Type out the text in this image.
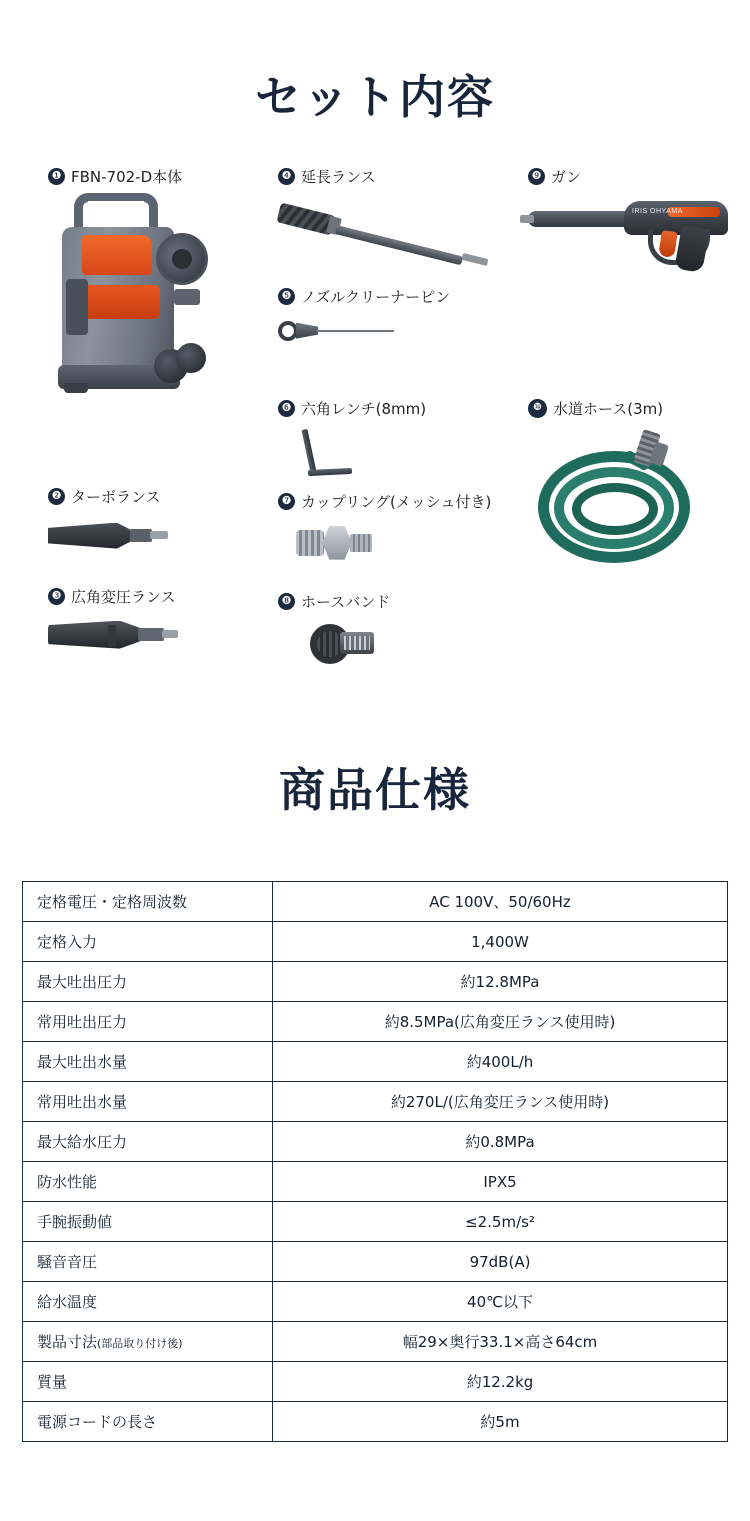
セット内容
❶ FBN-702-D本体
❷ ターボランス
❸ 広角変圧ランス
❹ 延長ランス
❺ ノズルクリーナーピン
❻ 六角レンチ(8mm)
❼ カップリング(メッシュ付き)
❽ ホースバンド
❾ ガン
IRIS OHYAMA
❿ 水道ホース(3m)
商品仕様
定格電圧・定格周波数	AC 100V、50/60Hz
定格入力	1,400W
最大吐出圧力	約12.8MPa
常用吐出圧力	約8.5MPa(広角変圧ランス使用時)
最大吐出水量	約400L/h
常用吐出水量	約270L/(広角変圧ランス使用時)
最大給水圧力	約0.8MPa
防水性能	IPX5
手腕振動値	≤2.5m/s²
騒音音圧	97dB(A)
給水温度	40℃以下
製品寸法(部品取り付け後)	幅29×奥行33.1×高さ64cm
質量	約12.2kg
電源コードの長さ	約5m
